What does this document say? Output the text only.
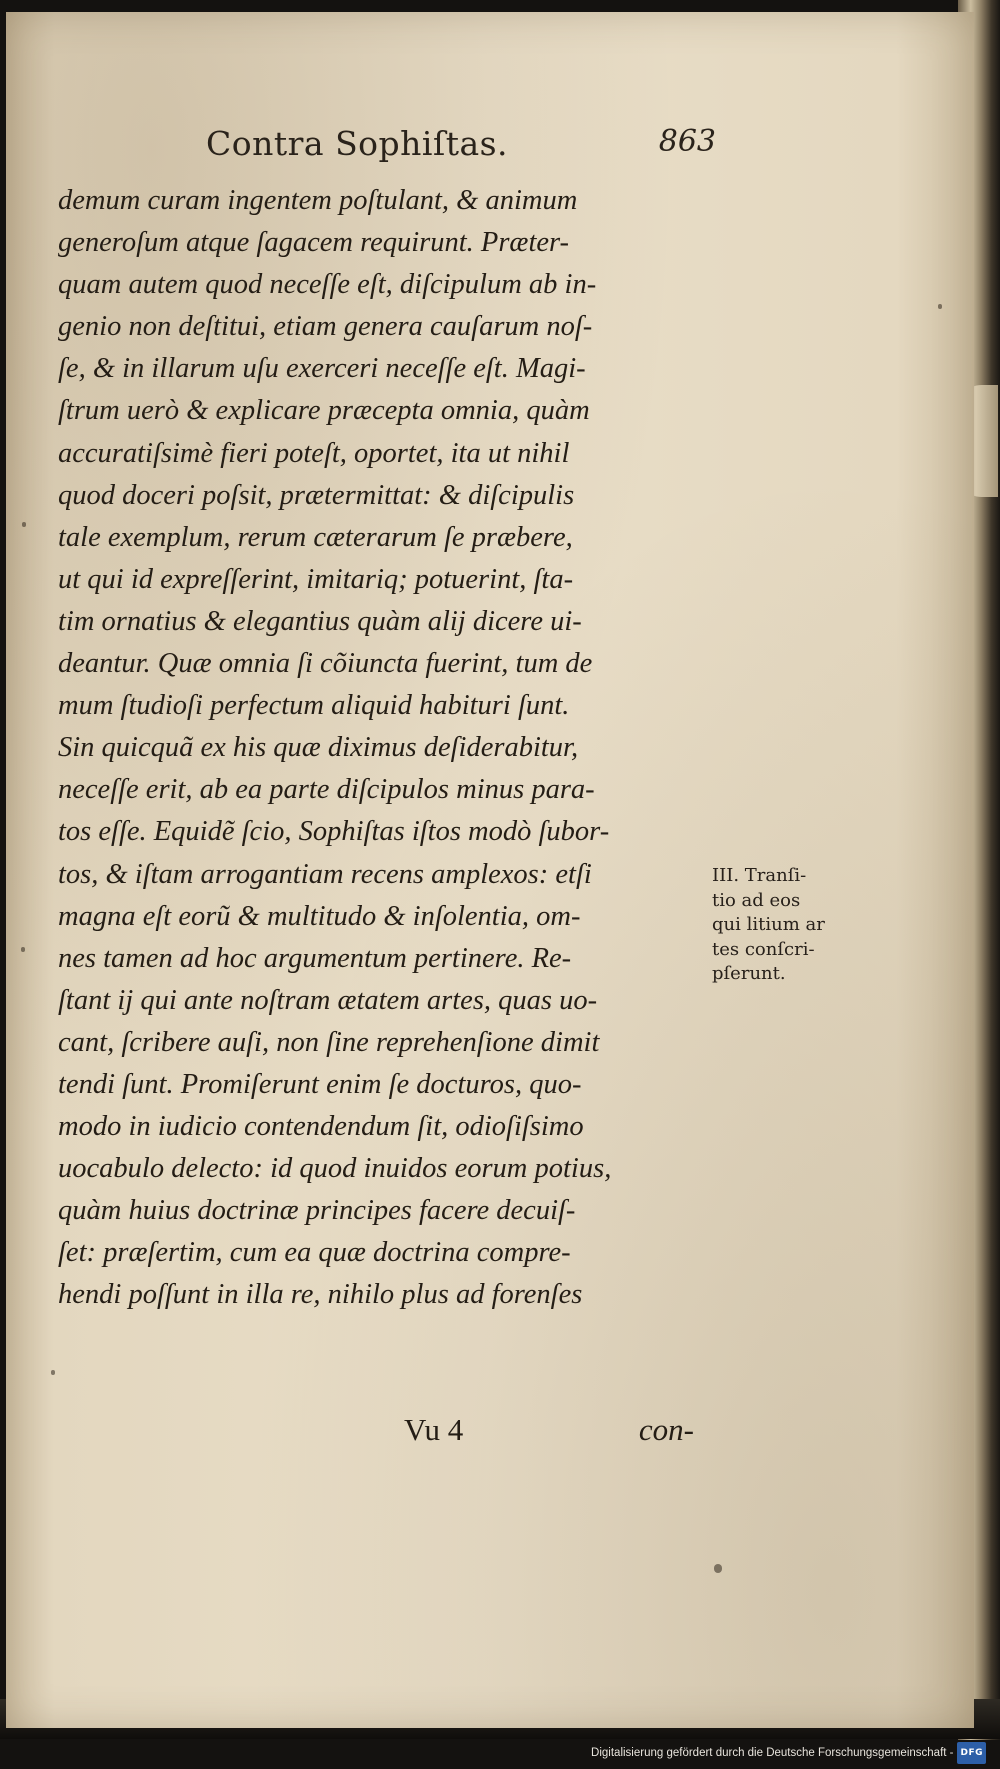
Contra Sophiſtas.	863
demum curam ingentem poſtulant, & animum
generoſum atque ſagacem requirunt. Præter-
quam autem quod neceſſe eſt, diſcipulum ab in-
genio non deſtitui, etiam genera cauſarum noſ-
ſe, & in illarum uſu exerceri neceſſe eſt. Magi-
ſtrum uerò & explicare præcepta omnia, quàm
accuratiſsimè fieri poteſt, oportet, ita ut nihil
quod doceri poſsit, prætermittat: & diſcipulis
tale exemplum, rerum cæterarum ſe præbere,
ut qui id expreſſerint, imitariq; potuerint, ſta-
tim ornatius & elegantius quàm alij dicere ui-
deantur. Quæ omnia ſi cõiuncta fuerint, tum de
mum ſtudioſi perfectum aliquid habituri ſunt.
Sin quicquã ex his quæ diximus deſiderabitur,
neceſſe erit, ab ea parte diſcipulos minus para-
tos eſſe. Equidẽ ſcio, Sophiſtas iſtos modò ſubor-
tos, & iſtam arrogantiam recens amplexos: etſi
magna eſt eorũ & multitudo & inſolentia, om-
nes tamen ad hoc argumentum pertinere. Re-
ſtant ij qui ante noſtram ætatem artes, quas uo-
cant, ſcribere auſi, non ſine reprehenſione dimit
tendi ſunt. Promiſerunt enim ſe docturos, quo-
modo in iudicio contendendum ſit, odioſiſsimo
uocabulo delecto: id quod inuidos eorum potius,
quàm huius doctrinæ principes facere decuiſ-
ſet: præſertim, cum ea quæ doctrina compre-
hendi poſſunt in illa re, nihilo plus ad forenſes
III. Tranſi-
tio ad eos
qui litium ar
tes conſcri-
pſerunt.
Vu 4	con-
Digitalisierung gefördert durch die Deutsche Forschungsgemeinschaft - DFG
